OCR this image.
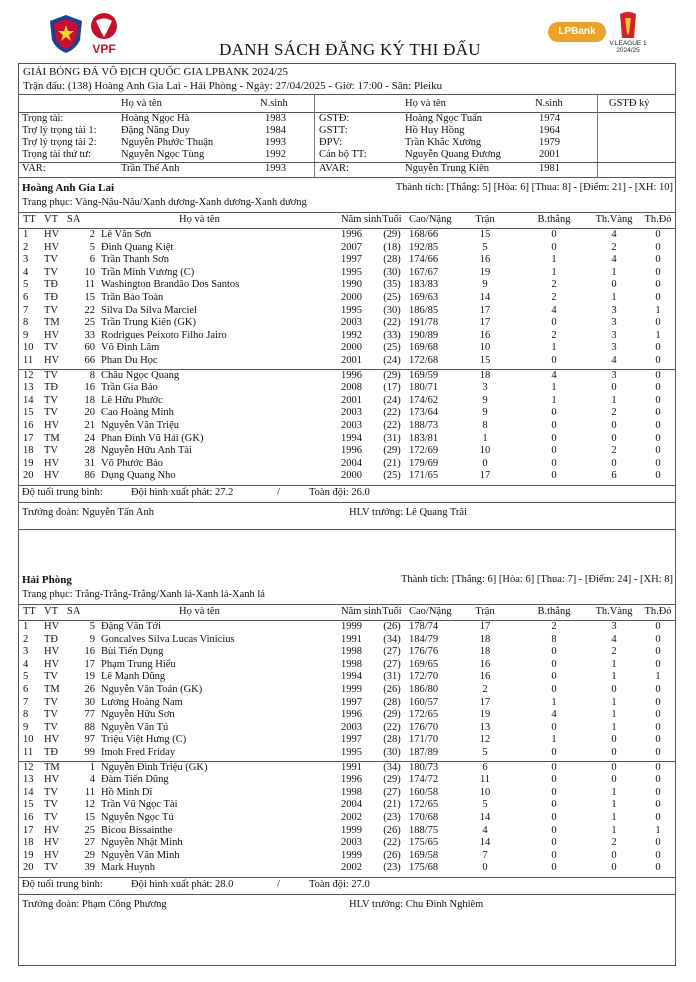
VPF	DANH SÁCH ĐĂNG KÝ THI ĐẤU
LPBank
V.LEAGUE 1
2024/25
GIẢI BÓNG ĐÁ VÔ ĐỊCH QUỐC GIA LPBANK 2024/25
Trận đấu: (138) Hoàng Anh Gia Lai - Hải Phòng - Ngày: 27/04/2025 - Giờ: 17:00 - Sân: Pleiku
Họ và tên	N.sinh	Họ và tên	N.sinh	GSTĐ ký
Trọng tài:	Hoàng Ngọc Hà	1983	GSTĐ:	Hoàng Ngọc Tuấn	1974
Trợ lý trọng tài 1: Đặng Năng Duy	1984	GSTT:	Hồ Huy Hồng	1964
Trợ lý trọng tài 2: Nguyễn Phước Thuận	1993	ĐPV:	Trần Khắc Xương	1979
Trọng tài thứ tư:	Nguyễn Ngọc Tùng	1992	Cán bộ TT:	Nguyễn Quang Đương	2001
VAR:	Trần Thế Anh	1993	AVAR:	Nguyễn Trung Kiên	1981
Hoàng Anh Gia Lai	Thành tích: [Thắng: 5] [Hòa: 6] [Thua: 8] - [Điểm: 21] - [XH: 10]
Trang phục: Vàng-Nâu-Nâu/Xanh dương-Xanh dương-Xanh dương
TT VT SA	Họ và tên	Năm sinh Tuổi Cao/Nặng	Trận	B.thắng	Th.Vàng	Th.Đỏ
1	HV	2 Lê Văn Sơn	1996	(29) 168/66	15	0	4	0
2	HV	5 Đinh Quang Kiệt	2007	(18) 192/85	5	0	2	0
3	TV	6 Trần Thanh Sơn	1997	(28) 174/66	16	1	4	0
4	TV	10 Trần Minh Vương (C)	1995	(30) 167/67	19	1	1	0
5	TĐ	11 Washington Brandão Dos Santos	1990	(35) 183/83	9	2	0	0
6	TĐ	15 Trần Bảo Toàn	2000	(25) 169/63	14	2	1	0
7	TV	22 Silva Da Silva Marciel	1995	(30) 186/85	17	4	3	1
8	TM	25 Trần Trung Kiên (GK)	2003	(22) 191/78	17	0	3	0
9	HV	33 Rodrigues Peixoto Filho Jairo	1992	(33) 190/89	16	2	3	1
10	TV	60 Võ Đình Lâm	2000	(25) 169/68	10	1	3	0
11	HV	66 Phan Du Học	2001	(24) 172/68	15	0	4	0
12	TV	8 Châu Ngọc Quang	1996	(29) 169/59	18	4	3	0
13	TĐ	16 Trần Gia Bảo	2008	(17) 180/71	3	1	0	0
14	TV	18 Lê Hữu Phước	2001	(24) 174/62	9	1	1	0
15	TV	20 Cao Hoàng Minh	2003	(22) 173/64	9	0	2	0
16	HV	21 Nguyễn Văn Triệu	2003	(22) 188/73	8	0	0	0
17	TM	24 Phan Đình Vũ Hải (GK)	1994	(31) 183/81	1	0	0	0
18	TV	28 Nguyễn Hữu Anh Tài	1996	(29) 172/69	10	0	2	0
19	HV	31 Võ Phước Bảo	2004	(21) 179/69	0	0	0	0
20	HV	86 Dụng Quang Nho	2000	(25) 171/65	17	0	6	0
Độ tuổi trung bình:	Đội hình xuất phát: 27.2	/	Toàn đội: 26.0
Trưởng đoàn: Nguyễn Tấn Anh	HLV trưởng: Lê Quang Trãi
Hải Phòng	Thành tích: [Thắng: 6] [Hòa: 6] [Thua: 7] - [Điểm: 24] - [XH: 8]
Trang phục: Trắng-Trắng-Trắng/Xanh lá-Xanh lá-Xanh lá
TT VT SA	Họ và tên	Năm sinh Tuổi Cao/Nặng	Trận	B.thắng	Th.Vàng	Th.Đỏ
1	HV	5 Đặng Văn Tới	1999	(26) 178/74	17	2	3	0
2	TĐ	9 Goncalves Silva Lucas Vinicius	1991	(34) 184/79	18	8	4	0
3	HV	16 Bùi Tiến Dụng	1998	(27) 176/76	18	0	2	0
4	HV	17 Phạm Trung Hiếu	1998	(27) 169/65	16	0	1	0
5	TV	19 Lê Mạnh Dũng	1994	(31) 172/70	16	0	1	1
6	TM	26 Nguyễn Văn Toản (GK)	1999	(26) 186/80	2	0	0	0
7	TV	30 Lương Hoàng Nam	1997	(28) 160/57	17	1	1	0
8	TV	77 Nguyễn Hữu Sơn	1996	(29) 172/65	19	4	1	0
9	TV	88 Nguyễn Văn Tú	2003	(22) 176/70	13	0	1	0
10	HV	97 Triệu Việt Hưng (C)	1997	(28) 171/70	12	1	0	0
11	TĐ	99 Imoh Fred Friday	1995	(30) 187/89	5	0	0	0
12	TM	1 Nguyễn Đình Triệu (GK)	1991	(34) 180/73	6	0	0	0
13	HV	4 Đàm Tiến Dũng	1996	(29) 174/72	11	0	0	0
14	TV	11 Hồ Minh Dĩ	1998	(27) 160/58	10	0	1	0
15	TV	12 Trần Vũ Ngọc Tài	2004	(21) 172/65	5	0	1	0
16	TV	15 Nguyễn Ngọc Tú	2002	(23) 170/68	14	0	1	0
17	HV	25 Bicou Bissainthe	1999	(26) 188/75	4	0	1	1
18	HV	27 Nguyễn Nhật Minh	2003	(22) 175/65	14	0	2	0
19	HV	29 Nguyễn Văn Minh	1999	(26) 169/58	7	0	0	0
20	TV	39 Mark Huynh	2002	(23) 175/68	0	0	0	0
Độ tuổi trung bình:	Đội hình xuất phát: 28.0	/	Toàn đội: 27.0
Trưởng đoàn: Phạm Công Phương	HLV trưởng: Chu Đình Nghiêm
